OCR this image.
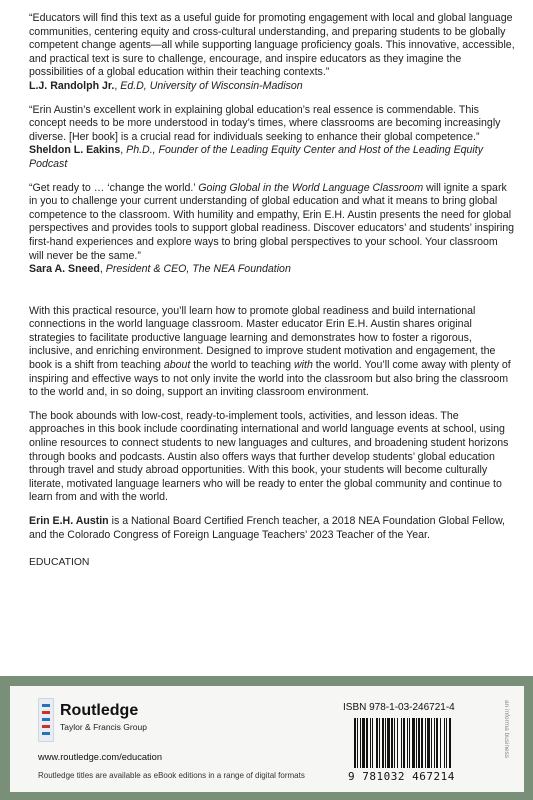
“Educators will find this text as a useful guide for promoting engagement with local and global language communities, centering equity and cross-cultural understanding, and preparing students to be globally competent change agents—all while supporting language proficiency goals. This innovative, accessible, and practical text is sure to challenge, encourage, and inspire educators as they imagine the possibilities of a global education within their teaching contexts.”

L.J. Randolph Jr., Ed.D, University of Wisconsin-Madison

“Erin Austin’s excellent work in explaining global education’s real essence is commendable. This concept needs to be more understood in today’s times, where classrooms are becoming increasingly diverse. [Her book] is a crucial read for individuals seeking to enhance their global competence.”

Sheldon L. Eakins, Ph.D., Founder of the Leading Equity Center and Host of the Leading Equity Podcast

“Get ready to … ‘change the world.’ Going Global in the World Language Classroom will ignite a spark in you to challenge your current understanding of global education and what it means to bring global competence to the classroom. With humility and empathy, Erin E.H. Austin presents the need for global perspectives and provides tools to support global readiness. Discover educators’ and students’ inspiring first-hand experiences and explore ways to bring global perspectives to your school. Your classroom will never be the same.”

Sara A. Sneed, President & CEO, The NEA Foundation

With this practical resource, you’ll learn how to promote global readiness and build international connections in the world language classroom. Master educator Erin E.H. Austin shares original strategies to facilitate productive language learning and demonstrates how to foster a rigorous, inclusive, and enriching environment. Designed to improve student motivation and engagement, the book is a shift from teaching about the world to teaching with the world. You’ll come away with plenty of inspiring and effective ways to not only invite the world into the classroom but also bring the classroom to the world and, in so doing, support an inviting classroom environment.

The book abounds with low-cost, ready-to-implement tools, activities, and lesson ideas. The approaches in this book include coordinating international and world language events at school, using online resources to connect students to new languages and cultures, and broadening student horizons through books and podcasts. Austin also offers ways that further develop students’ global education through travel and study abroad opportunities. With this book, your students will become culturally literate, motivated language learners who will be ready to enter the global community and continue to learn from and with the world.

Erin E.H. Austin is a National Board Certified French teacher, a 2018 NEA Foundation Global Fellow, and the Colorado Congress of Foreign Language Teachers’ 2023 Teacher of the Year.

EDUCATION
Routledge
Taylor & Francis Group
www.routledge.com/education
Routledge titles are available as eBook editions in a range of digital formats
ISBN 978-1-03-246721-4
9 781032 467214
an informa business
